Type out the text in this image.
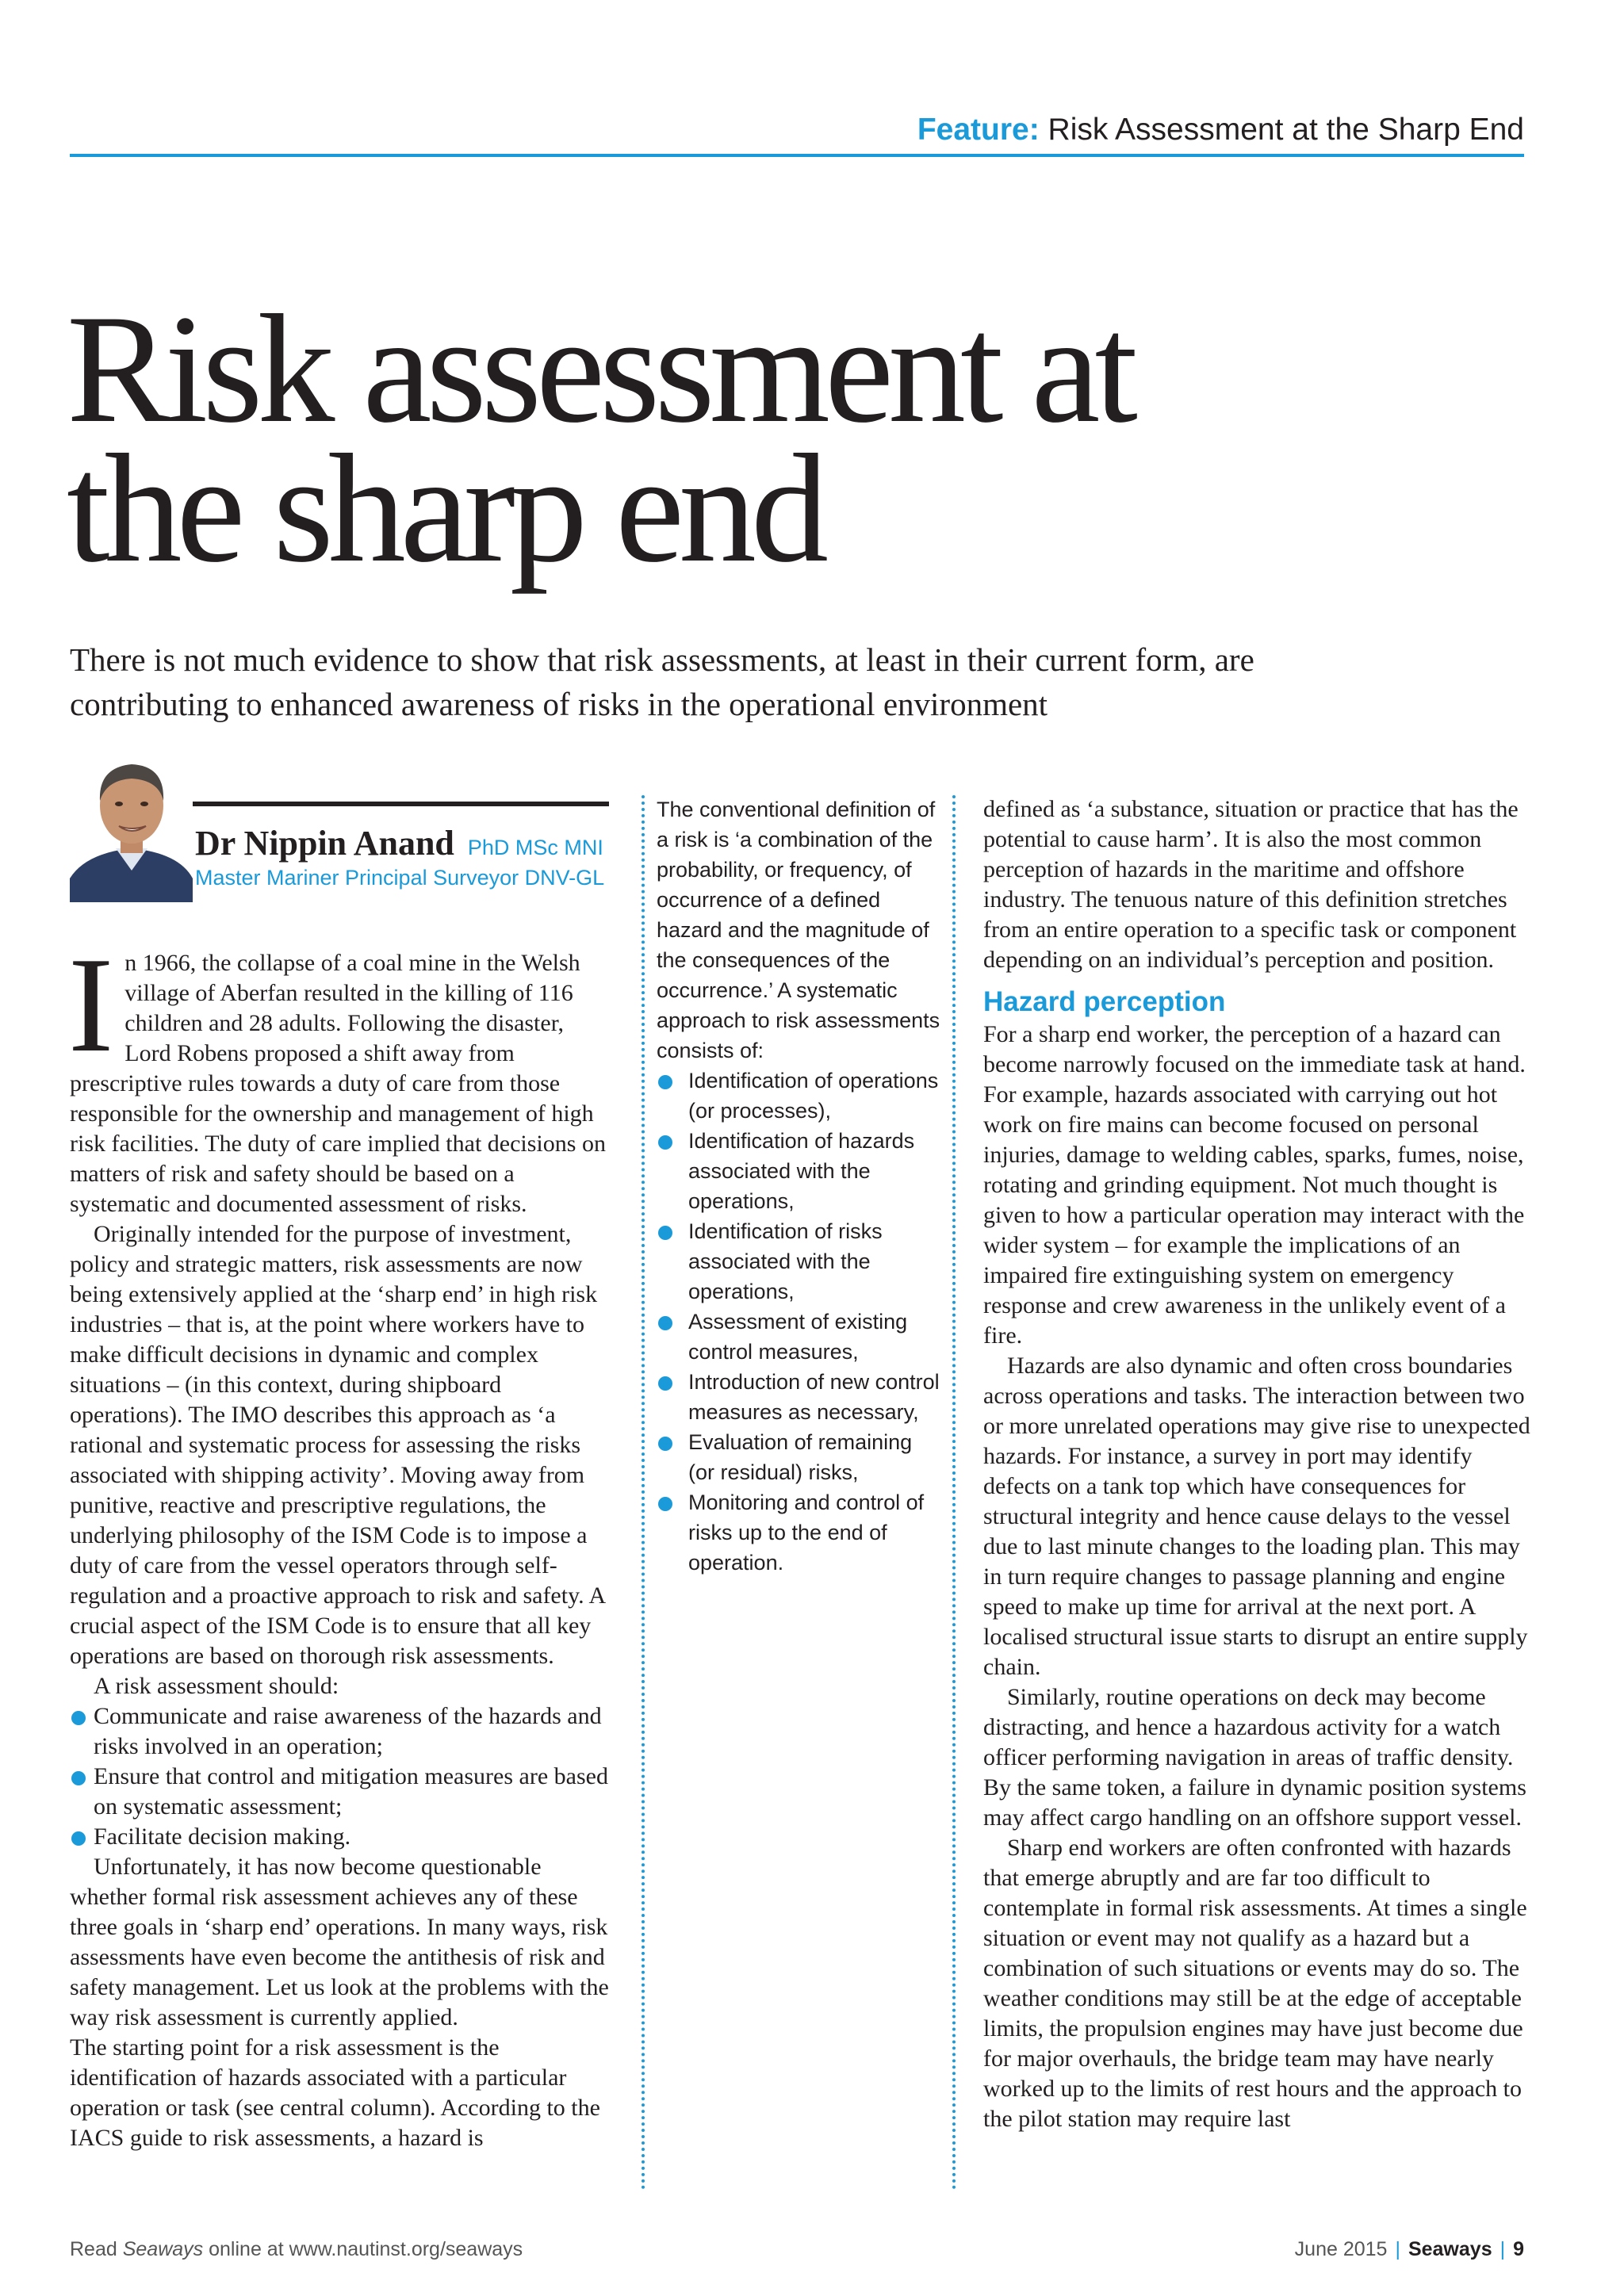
Feature: Risk Assessment at the Sharp End
Risk assessment at
the sharp end

There is not much evidence to show that risk assessments, at least in their current form, are contributing to enhanced awareness of risks in the operational environment

Dr Nippin Anand PhD MSc MNI
Master Mariner Principal Surveyor DNV-GL

In 1966, the collapse of a coal mine in the Welsh village of Aberfan resulted in the killing of 116 children and 28 adults. Following the disaster, Lord Robens proposed a shift away from prescriptive rules towards a duty of care from those responsible for the ownership and management of high risk facilities. The duty of care implied that decisions on matters of risk and safety should be based on a systematic and documented assessment of risks.

Originally intended for the purpose of investment, policy and strategic matters, risk assessments are now being extensively applied at the ‘sharp end’ in high risk industries – that is, at the point where workers have to make difficult decisions in dynamic and complex situations – (in this context, during shipboard operations). The IMO describes this approach as ‘a rational and systematic process for assessing the risks associated with shipping activity’. Moving away from punitive, reactive and prescriptive regulations, the underlying philosophy of the ISM Code is to impose a duty of care from the vessel operators through self-regulation and a proactive approach to risk and safety. A crucial aspect of the ISM Code is to ensure that all key operations are based on thorough risk assessments.

A risk assessment should:

Communicate and raise awareness of the hazards and risks involved in an operation;
Ensure that control and mitigation measures are based on systematic assessment;
Facilitate decision making.

Unfortunately, it has now become questionable whether formal risk assessment achieves any of these three goals in ‘sharp end’ operations. In many ways, risk assessments have even become the antithesis of risk and safety management. Let us look at the problems with the way risk assessment is currently applied.

The starting point for a risk assessment is the identification of hazards associated with a particular operation or task (see central column). According to the IACS guide to risk assessments, a hazard is

The conventional definition of a risk is ‘a combination of the probability, or frequency, of occurrence of a defined hazard and the magnitude of the consequences of the occurrence.’ A systematic approach to risk assessments consists of:

Identification of operations (or processes),
Identification of hazards associated with the operations,
Identification of risks associated with the operations,
Assessment of existing control measures,
Introduction of new control measures as necessary,
Evaluation of remaining (or residual) risks,
Monitoring and control of risks up to the end of operation.

defined as ‘a substance, situation or practice that has the potential to cause harm’. It is also the most common perception of hazards in the maritime and offshore industry. The tenuous nature of this definition stretches from an entire operation to a specific task or component depending on an individual’s perception and position.

Hazard perception

For a sharp end worker, the perception of a hazard can become narrowly focused on the immediate task at hand. For example, hazards associated with carrying out hot work on fire mains can become focused on personal injuries, damage to welding cables, sparks, fumes, noise, rotating and grinding equipment. Not much thought is given to how a particular operation may interact with the wider system – for example the implications of an impaired fire extinguishing system on emergency response and crew awareness in the unlikely event of a fire.

Hazards are also dynamic and often cross boundaries across operations and tasks. The interaction between two or more unrelated operations may give rise to unexpected hazards. For instance, a survey in port may identify defects on a tank top which have consequences for structural integrity and hence cause delays to the vessel due to last minute changes to the loading plan. This may in turn require changes to passage planning and engine speed to make up time for arrival at the next port. A localised structural issue starts to disrupt an entire supply chain.

Similarly, routine operations on deck may become distracting, and hence a hazardous activity for a watch officer performing navigation in areas of traffic density. By the same token, a failure in dynamic position systems may affect cargo handling on an offshore support vessel.

Sharp end workers are often confronted with hazards that emerge abruptly and are far too difficult to contemplate in formal risk assessments. At times a single situation or event may not qualify as a hazard but a combination of such situations or events may do so. The weather conditions may still be at the edge of acceptable limits, the propulsion engines may have just become due for major overhauls, the bridge team may have nearly worked up to the limits of rest hours and the approach to the pilot station may require last

Read Seaways online at www.nautinst.org/seaways	June 2015 | Seaways | 9
